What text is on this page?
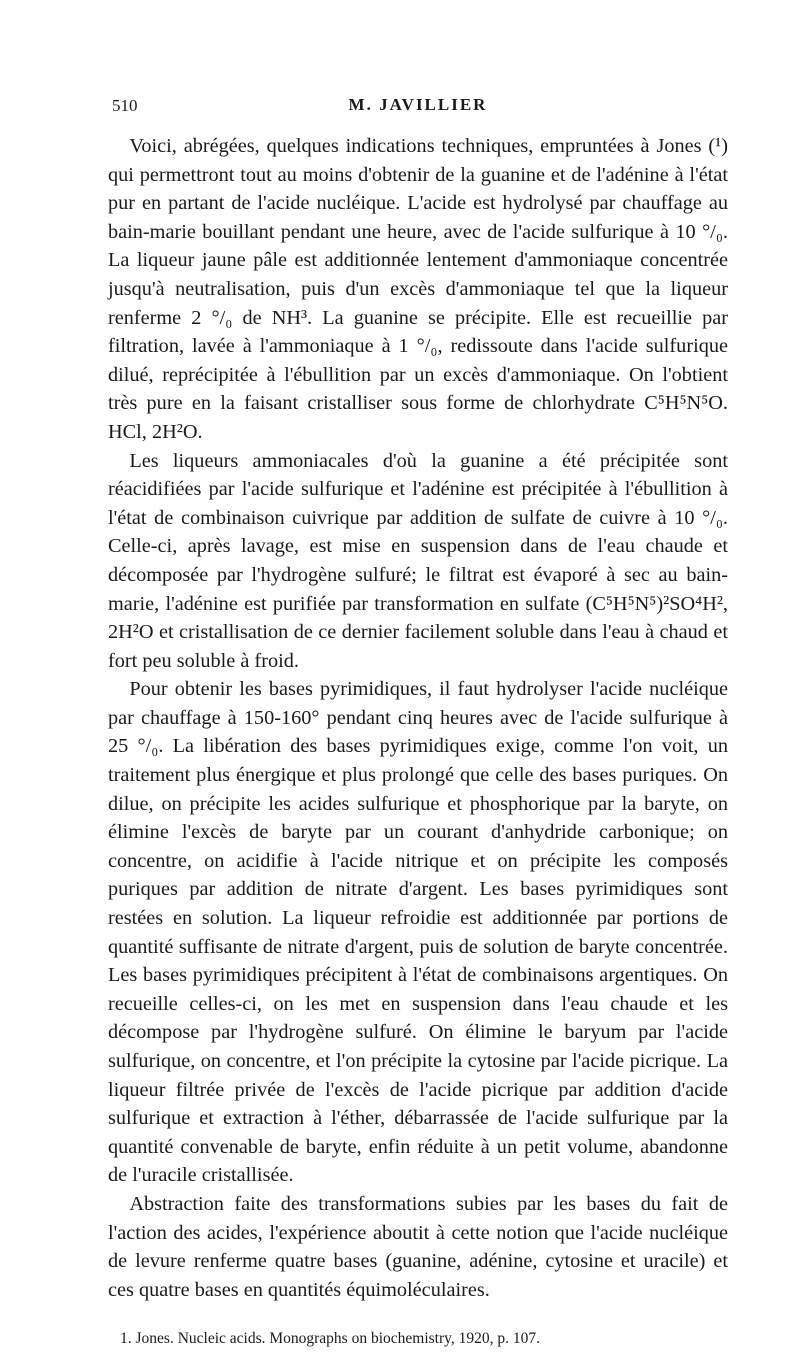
510	M. JAVILLIER

Voici, abrégées, quelques indications techniques, empruntées à Jones (¹) qui permettront tout au moins d'obtenir de la guanine et de l'adénine à l'état pur en partant de l'acide nucléique. L'acide est hydrolysé par chauffage au bain-marie bouillant pendant une heure, avec de l'acide sulfurique à 10 °/₀. La liqueur jaune pâle est additionnée lentement d'ammoniaque concentrée jusqu'à neutralisation, puis d'un excès d'ammoniaque tel que la liqueur renferme 2 °/₀ de NH³. La guanine se précipite. Elle est recueillie par filtration, lavée à l'ammoniaque à 1 °/₀, redissoute dans l'acide sulfurique dilué, reprécipitée à l'ébullition par un excès d'ammoniaque. On l'obtient très pure en la faisant cristalliser sous forme de chlorhydrate C⁵H⁵N⁵O. HCl, 2H²O.

Les liqueurs ammoniacales d'où la guanine a été précipitée sont réacidifiées par l'acide sulfurique et l'adénine est précipitée à l'ébullition à l'état de combinaison cuivrique par addition de sulfate de cuivre à 10 °/₀. Celle-ci, après lavage, est mise en suspension dans de l'eau chaude et décomposée par l'hydrogène sulfuré; le filtrat est évaporé à sec au bain-marie, l'adénine est purifiée par transformation en sulfate (C⁵H⁵N⁵)²SO⁴H², 2H²O et cristallisation de ce dernier facilement soluble dans l'eau à chaud et fort peu soluble à froid.

Pour obtenir les bases pyrimidiques, il faut hydrolyser l'acide nucléique par chauffage à 150-160° pendant cinq heures avec de l'acide sulfurique à 25 °/₀. La libération des bases pyrimidiques exige, comme l'on voit, un traitement plus énergique et plus prolongé que celle des bases puriques. On dilue, on précipite les acides sulfurique et phosphorique par la baryte, on élimine l'excès de baryte par un courant d'anhydride carbonique; on concentre, on acidifie à l'acide nitrique et on précipite les composés puriques par addition de nitrate d'argent. Les bases pyrimidiques sont restées en solution. La liqueur refroidie est additionnée par portions de quantité suffisante de nitrate d'argent, puis de solution de baryte concentrée. Les bases pyrimidiques précipitent à l'état de combinaisons argentiques. On recueille celles-ci, on les met en suspension dans l'eau chaude et les décompose par l'hydrogène sulfuré. On élimine le baryum par l'acide sulfurique, on concentre, et l'on précipite la cytosine par l'acide picrique. La liqueur filtrée privée de l'excès de l'acide picrique par addition d'acide sulfurique et extraction à l'éther, débarrassée de l'acide sulfurique par la quantité convenable de baryte, enfin réduite à un petit volume, abandonne de l'uracile cristallisée.

Abstraction faite des transformations subies par les bases du fait de l'action des acides, l'expérience aboutit à cette notion que l'acide nucléique de levure renferme quatre bases (guanine, adénine, cytosine et uracile) et ces quatre bases en quantités équimoléculaires.

1. Jones. Nucleic acids. Monographs on biochemistry, 1920, p. 107.
